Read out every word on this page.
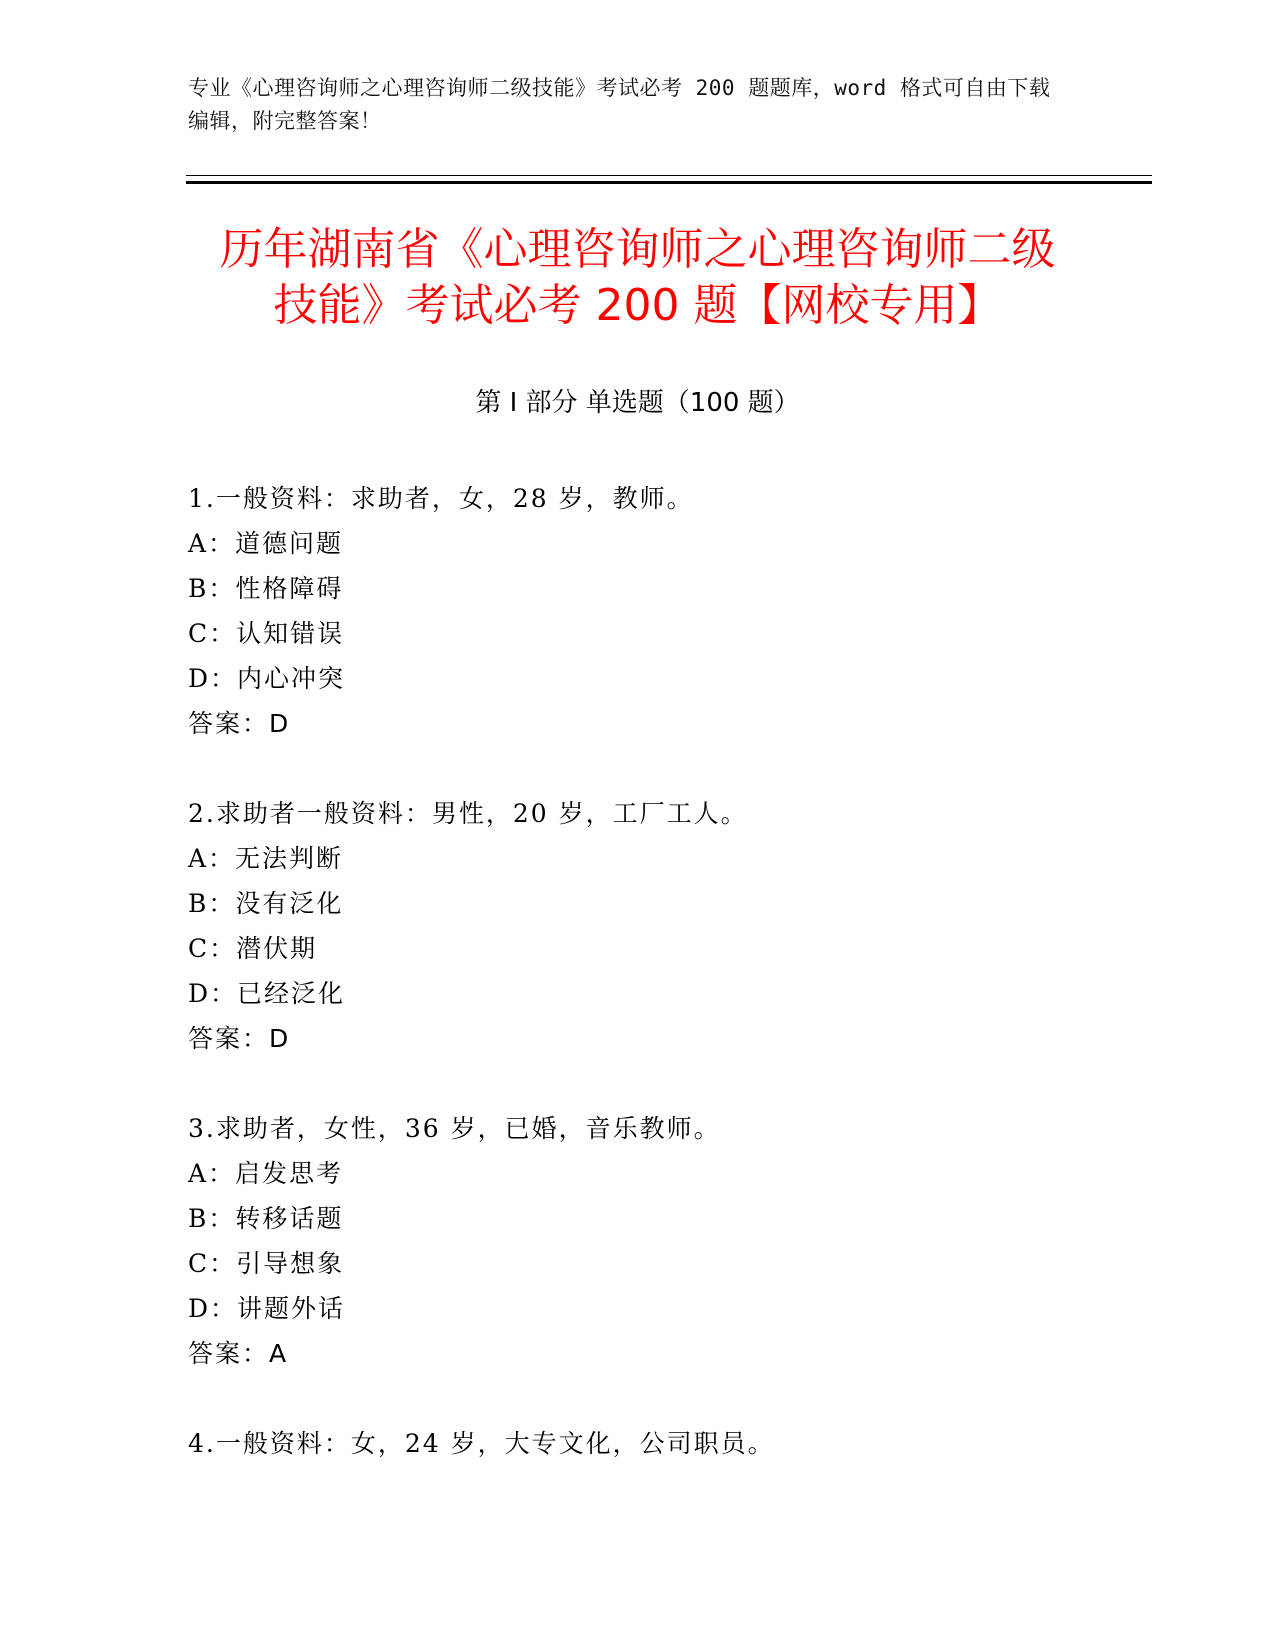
专业《心理咨询师之心理咨询师二级技能》考试必考 200 题题库，word 格式可自由下载编辑，附完整答案！
历年湖南省《心理咨询师之心理咨询师二级
技能》考试必考 200 题【网校专用】
第 I 部分 单选题（100 题）

1.一般资料：求助者，女，28 岁，教师。

A：道德问题

B：性格障碍

C：认知错误

D：内心冲突

答案：D

2.求助者一般资料：男性，20 岁，工厂工人。

A：无法判断

B：没有泛化

C：潜伏期

D：已经泛化

答案：D

3.求助者，女性，36 岁，已婚，音乐教师。

A：启发思考

B：转移话题

C：引导想象

D：讲题外话

答案：A

4.一般资料：女，24 岁，大专文化，公司职员。
